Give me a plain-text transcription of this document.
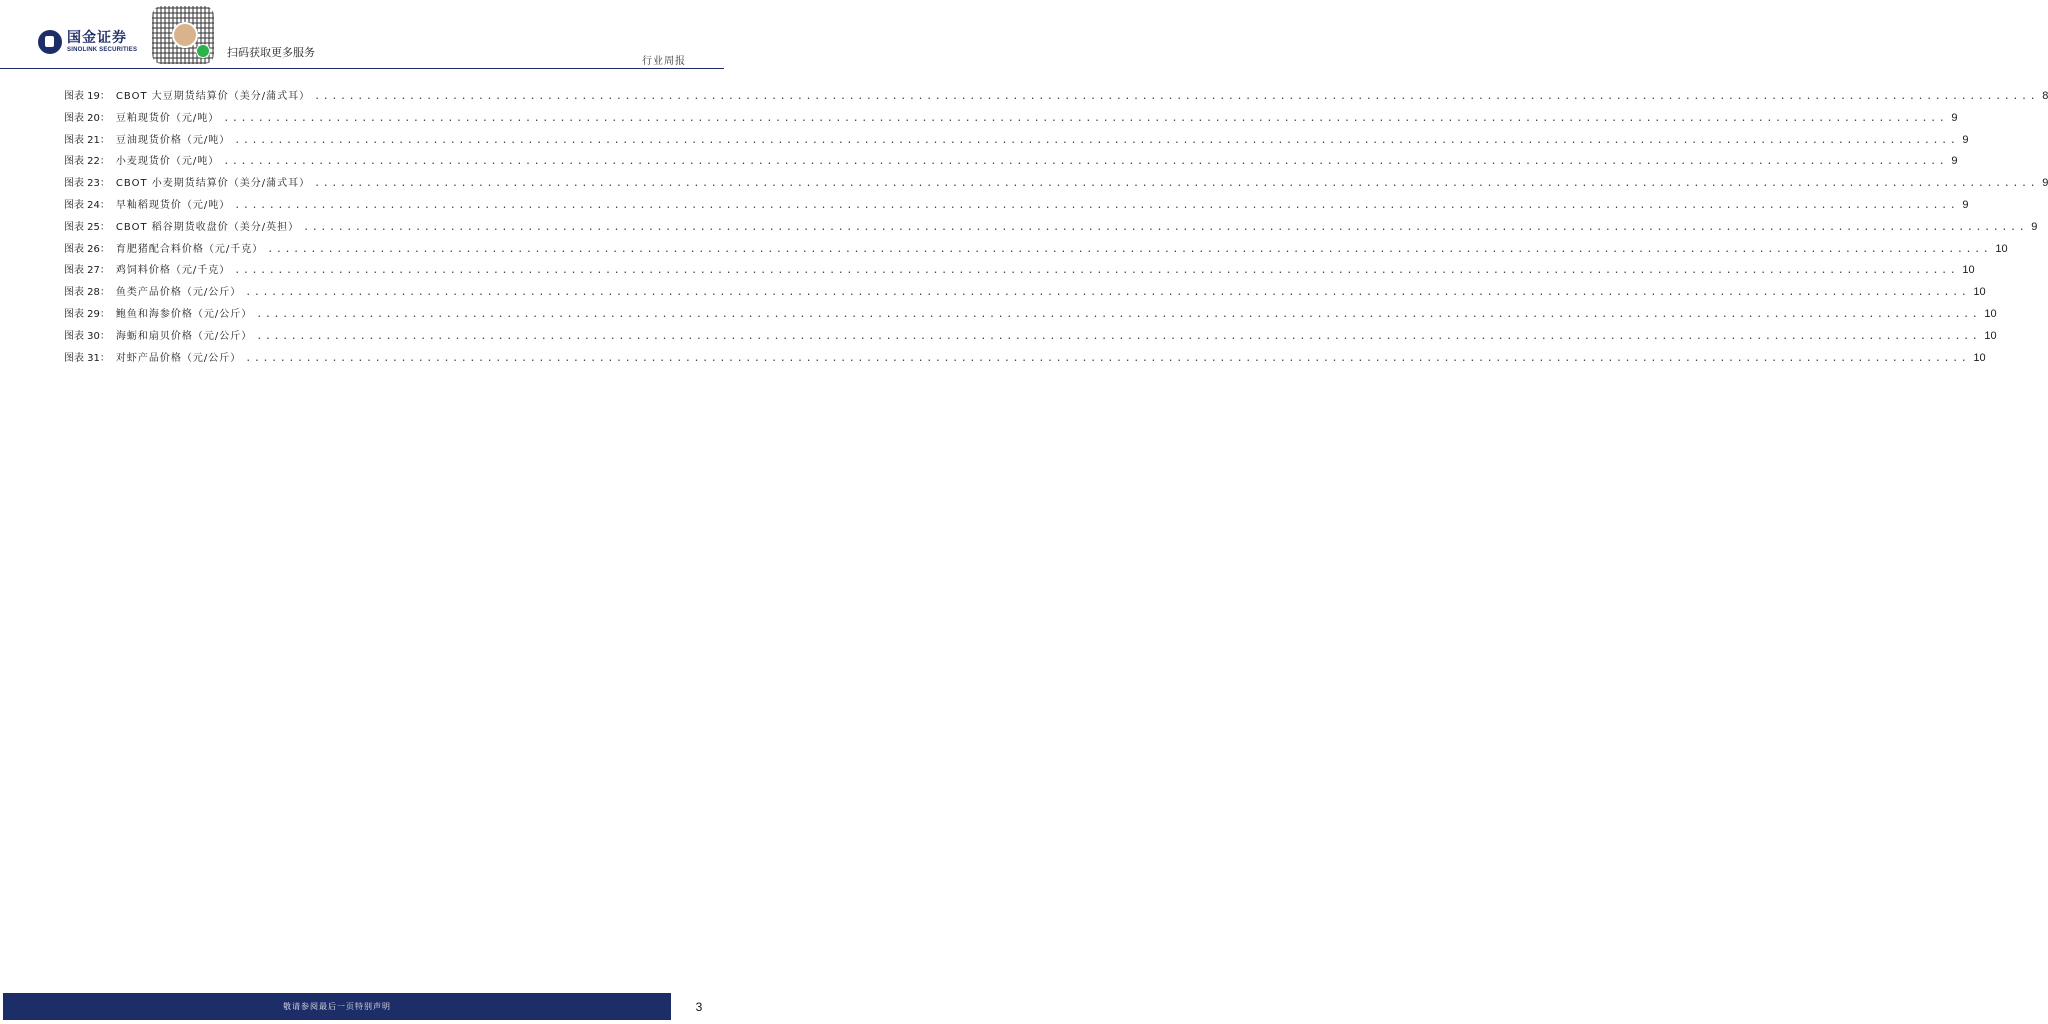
国金证券
SINOLINK SECURITIES	扫码获取更多服务
行业周报
图表 19： CBOT 大豆期货结算价（美分/蒲式耳） ........................................................................................................................................................................................................ 8
图表 20： 豆粕现货价（元/吨） ........................................................................................................................................................................................................ 9
图表 21： 豆油现货价格（元/吨） ........................................................................................................................................................................................................ 9
图表 22： 小麦现货价（元/吨） ........................................................................................................................................................................................................ 9
图表 23： CBOT 小麦期货结算价（美分/蒲式耳） ........................................................................................................................................................................................................ 9
图表 24： 早籼稻现货价（元/吨） ........................................................................................................................................................................................................ 9
图表 25： CBOT 稻谷期货收盘价（美分/英担） ........................................................................................................................................................................................................ 9
图表 26： 育肥猪配合料价格（元/千克） ........................................................................................................................................................................................................ 10
图表 27： 鸡饲料价格（元/千克） ........................................................................................................................................................................................................ 10
图表 28： 鱼类产品价格（元/公斤） ........................................................................................................................................................................................................ 10
图表 29： 鲍鱼和海参价格（元/公斤） ........................................................................................................................................................................................................ 10
图表 30： 海蛎和扇贝价格（元/公斤） ........................................................................................................................................................................................................ 10
图表 31： 对虾产品价格（元/公斤） ........................................................................................................................................................................................................ 10
敬请参阅最后一页特别声明	3
